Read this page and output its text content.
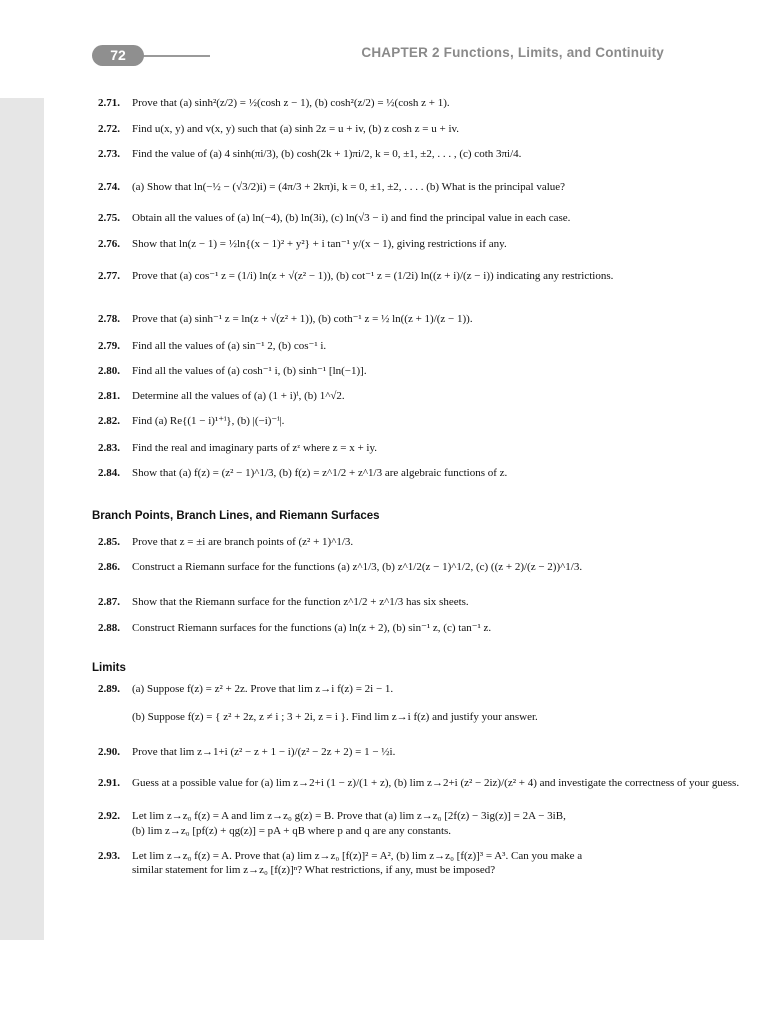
72	CHAPTER 2 Functions, Limits, and Continuity
2.71. Prove that (a) sinh²(z/2) = ½(cosh z − 1), (b) cosh²(z/2) = ½(cosh z + 1).
2.72. Find u(x, y) and v(x, y) such that (a) sinh 2z = u + iv, (b) z cosh z = u + iv.
2.73. Find the value of (a) 4 sinh(πi/3), (b) cosh(2k + 1)πi/2, k = 0, ±1, ±2, . . . , (c) coth 3πi/4.
2.74. (a) Show that ln(−½ − (√3/2)i) = (4π/3 + 2kπ)i, k = 0, ±1, ±2, . . . . (b) What is the principal value?
2.75. Obtain all the values of (a) ln(−4), (b) ln(3i), (c) ln(√3 − i) and find the principal value in each case.
2.76. Show that ln(z − 1) = ½ln{(x − 1)² + y²} + i tan⁻¹ y/(x − 1), giving restrictions if any.
2.77. Prove that (a) cos⁻¹ z = (1/i) ln(z + √(z² − 1)), (b) cot⁻¹ z = (1/2i) ln((z + i)/(z − i)) indicating any restrictions.
2.78. Prove that (a) sinh⁻¹ z = ln(z + √(z² + 1)), (b) coth⁻¹ z = ½ ln((z + 1)/(z − 1)).
2.79. Find all the values of (a) sin⁻¹ 2, (b) cos⁻¹ i.
2.80. Find all the values of (a) cosh⁻¹ i, (b) sinh⁻¹ [ln(−1)].
2.81. Determine all the values of (a) (1 + i)ⁱ, (b) 1^√2.
2.82. Find (a) Re{(1 − i)¹⁺ⁱ}, (b) |(−i)⁻ⁱ|.
2.83. Find the real and imaginary parts of zᶻ where z = x + iy.
2.84. Show that (a) f(z) = (z² − 1)^1/3, (b) f(z) = z^1/2 + z^1/3 are algebraic functions of z.
2.85. Prove that z = ±i are branch points of (z² + 1)^1/3.
2.86. Construct a Riemann surface for the functions (a) z^1/3, (b) z^1/2(z − 1)^1/2, (c) ((z + 2)/(z − 2))^1/3.
2.87. Show that the Riemann surface for the function z^1/2 + z^1/3 has six sheets.
2.88. Construct Riemann surfaces for the functions (a) ln(z + 2), (b) sin⁻¹ z, (c) tan⁻¹ z.
2.89. (a) Suppose f(z) = z² + 2z. Prove that lim z→i f(z) = 2i − 1.
2.90. Prove that lim z→1+i (z² − z + 1 − i)/(z² − 2z + 2) = 1 − ½i.
2.91. Guess at a possible value for (a) lim z→2+i (1 − z)/(1 + z), (b) lim z→2+i (z² − 2iz)/(z² + 4) and investigate the correctness of your guess.
2.92. Let lim z→z₀ f(z) = A and lim z→z₀ g(z) = B. Prove that (a) lim z→z₀ [2f(z) − 3ig(z)] = 2A − 3iB,
2.93. Let lim z→z₀ f(z) = A. Prove that (a) lim z→z₀ [f(z)]² = A², (b) lim z→z₀ [f(z)]³ = A³. Can you make a
Branch Points, Branch Lines, and Riemann Surfaces
Limits
(b) Suppose f(z) = { z² + 2z, z ≠ i ; 3 + 2i, z = i }. Find lim z→i f(z) and justify your answer.
(b) lim z→z₀ [pf(z) + qg(z)] = pA + qB where p and q are any constants.
similar statement for lim z→z₀ [f(z)]ⁿ? What restrictions, if any, must be imposed?
